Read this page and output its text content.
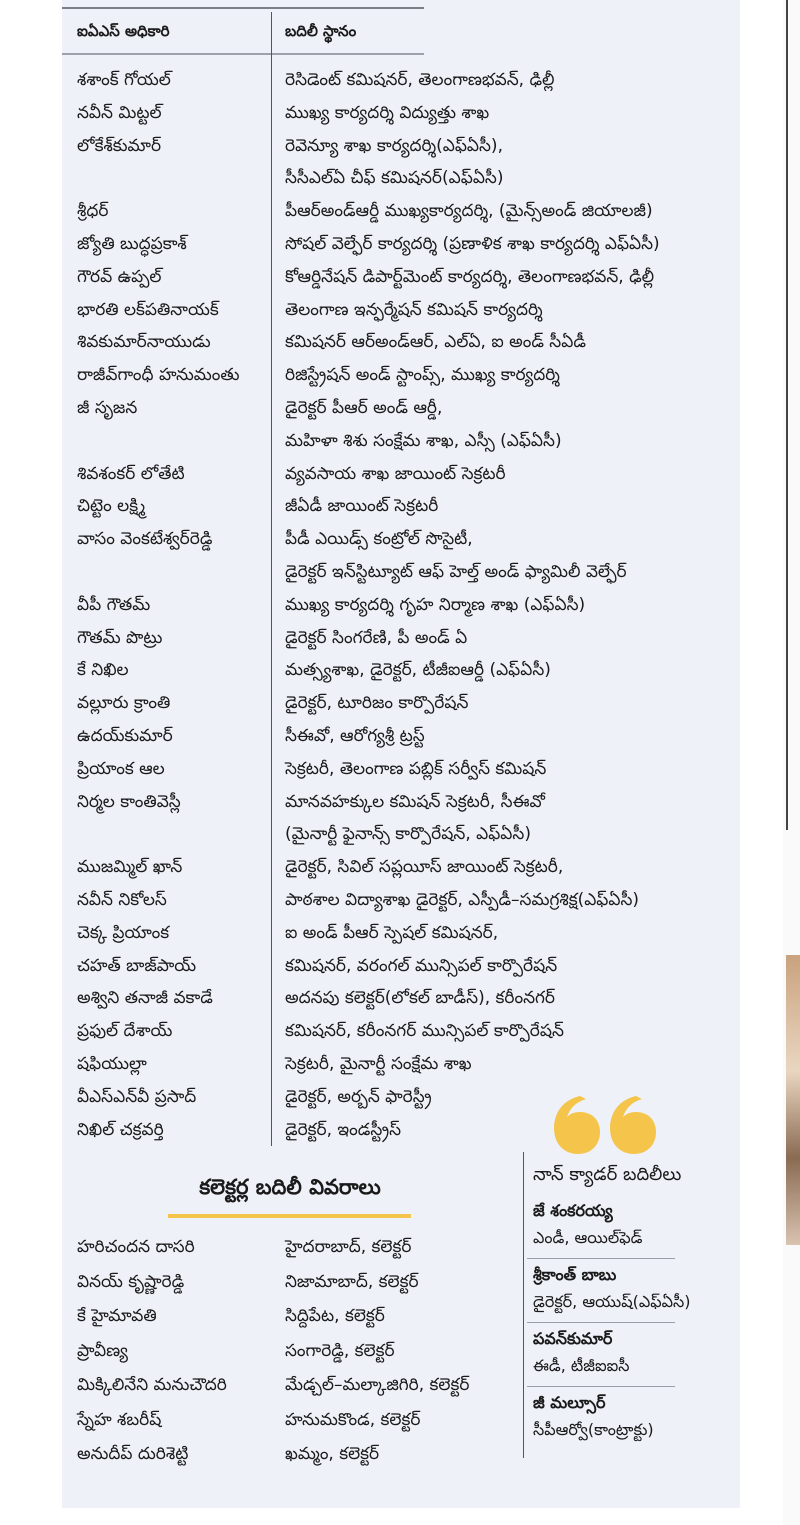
ఐఏఎస్ అధికారి	బదిలీ స్థానం
శశాంక్ గోయల్	రెసిడెంట్ కమిషనర్, తెలంగాణభవన్, ఢిల్లీ
నవీన్ మిట్టల్	ముఖ్య కార్యదర్శి విద్యుత్తు శాఖ
లోకేశ్‌కుమార్	రెవెన్యూ శాఖ కార్యదర్శి(ఎఫ్ఏసీ),
సీసీఎల్ఏ చీఫ్ కమిషనర్(ఎఫ్ఏసీ)
శ్రీధర్	పీఆర్అండ్ఆర్డీ ముఖ్యకార్యదర్శి, (మైన్స్అండ్ జియాలజీ)
జ్యోతి బుద్ధప్రకాశ్	సోషల్ వెల్ఫేర్ కార్యదర్శి (ప్రణాళిక శాఖ కార్యదర్శి ఎఫ్ఏసీ)
గౌరవ్ ఉప్పల్	కోఆర్డినేషన్ డిపార్ట్‌మెంట్ కార్యదర్శి, తెలంగాణభవన్, ఢిల్లీ
భారతి లక్‌పతినాయక్	తెలంగాణ ఇన్ఫర్మేషన్ కమిషన్ కార్యదర్శి
శివకుమార్‌నాయుడు	కమిషనర్ ఆర్అండ్ఆర్, ఎల్ఏ, ఐ అండ్ సీఏడీ
రాజీవ్‌గాంధీ హనుమంతు	రిజిస్ట్రేషన్ అండ్ స్టాంప్స్, ముఖ్య కార్యదర్శి
జీ సృజన	డైరెక్టర్ పీఆర్ అండ్ ఆర్డీ,
మహిళా శిశు సంక్షేమ శాఖ, ఎస్సీ (ఎఫ్ఏసీ)
శివశంకర్ లోతేటి	వ్యవసాయ శాఖ జాయింట్ సెక్రటరీ
చిట్టెం లక్ష్మి	జీఏడీ జాయింట్ సెక్రటరీ
వాసం వెంకటేశ్వర్‌రెడ్డి	పీడీ ఎయిడ్స్ కంట్రోల్ సొసైటీ,
డైరెక్టర్ ఇన్‌స్టిట్యూట్ ఆఫ్ హెల్త్ అండ్ ఫ్యామిలీ వెల్ఫేర్
వీపీ గౌతమ్	ముఖ్య కార్యదర్శి గృహ నిర్మాణ శాఖ (ఎఫ్ఏసీ)
గౌతమ్ పొట్రు	డైరెక్టర్ సింగరేణి, పీ అండ్ ఏ
కే నిఖిల	మత్స్యశాఖ, డైరెక్టర్, టీజీఐఆర్డీ (ఎఫ్ఏసీ)
వల్లూరు క్రాంతి	డైరెక్టర్, టూరిజం కార్పొరేషన్
ఉదయ్‌కుమార్	సీఈవో, ఆరోగ్యశ్రీ ట్రస్ట్
ప్రియాంక ఆల	సెక్రటరీ, తెలంగాణ పబ్లిక్ సర్వీస్ కమిషన్
నిర్మల కాంతివెస్లీ	మానవహక్కుల కమిషన్ సెక్రటరీ, సీఈవో
(మైనార్టీ ఫైనాన్స్ కార్పొరేషన్, ఎఫ్ఏసీ)
ముజమ్మిల్ ఖాన్	డైరెక్టర్, సివిల్ సప్లయీస్ జాయింట్ సెక్రటరీ,
నవీన్ నికోలస్	పాఠశాల విద్యాశాఖ డైరెక్టర్, ఎస్పీడీ–సమగ్రశిక్ష(ఎఫ్ఏసీ)
చెక్క ప్రియాంక	ఐ అండ్ పీఆర్ స్పెషల్ కమిషనర్,
చహత్ బాజ్‌పాయ్	కమిషనర్, వరంగల్ మున్సిపల్ కార్పొరేషన్
అశ్విని తనాజీ వకాడే	అదనపు కలెక్టర్(లోకల్ బాడీస్), కరీంనగర్
ప్రఫుల్ దేశాయ్	కమిషనర్, కరీంనగర్ మున్సిపల్ కార్పొరేషన్
షఫియుల్లా	సెక్రటరీ, మైనార్టీ సంక్షేమ శాఖ
వీఎస్ఎన్‌వీ ప్రసాద్	డైరెక్టర్, అర్బన్ ఫారెస్ట్రీ
నిఖిల్ చక్రవర్తి	డైరెక్టర్, ఇండస్ట్రీస్
కలెక్టర్ల బదిలీ వివరాలు
హరిచందన దాసరి	హైదరాబాద్, కలెక్టర్
వినయ్ కృష్ణారెడ్డి	నిజామాబాద్, కలెక్టర్
కే హైమావతి	సిద్దిపేట, కలెక్టర్
ప్రావీణ్య	సంగారెడ్డి, కలెక్టర్
మిక్కిలినేని మనుచౌదరి	మేడ్చల్–మల్కాజిగిరి, కలెక్టర్
స్నేహ శబరీష్	హనుమకొండ, కలెక్టర్
అనుదీప్ దురిశెట్టి	ఖమ్మం, కలెక్టర్
నాన్ క్యాడర్ బదిలీలు
జే శంకరయ్య
ఎండీ, ఆయిల్‌ఫెడ్
శ్రీకాంత్ బాబు
డైరెక్టర్, ఆయుష్(ఎఫ్ఏసీ)
పవన్‌కుమార్
ఈడీ, టీజీఐఐసీ
జీ మల్సూర్
సీపీఆర్వో(కాంట్రాక్టు)
